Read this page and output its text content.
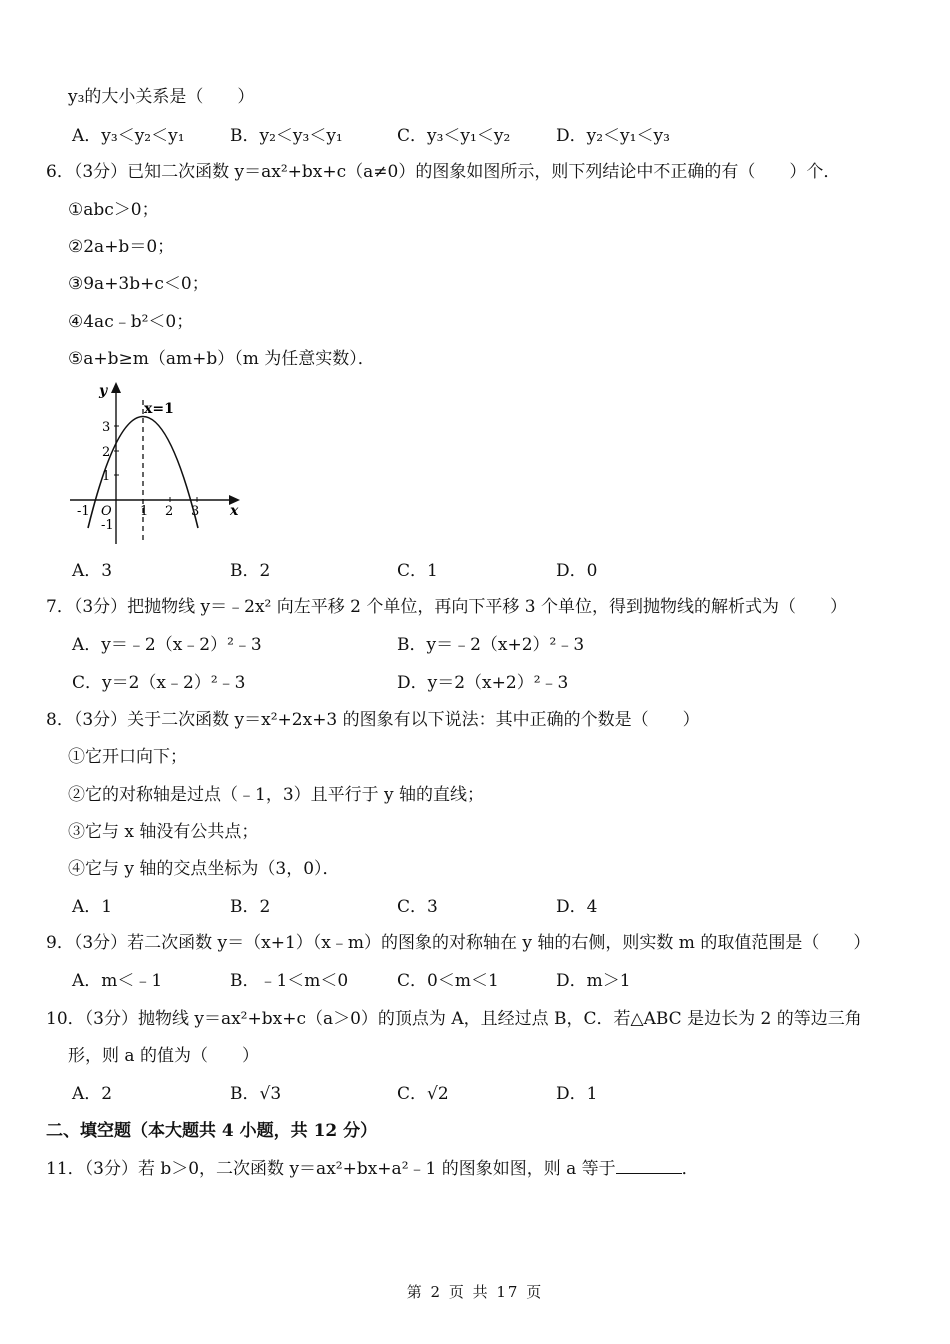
y₃的大小关系是（　　）
A．y₃＜y₂＜y₁	B．y₂＜y₃＜y₁	C．y₃＜y₁＜y₂	D．y₂＜y₁＜y₃
6．（3分）已知二次函数 y＝ax²+bx+c（a≠0）的图象如图所示，则下列结论中不正确的有（　　）个．
①abc＞0；
②2a+b＝0；
③9a+3b+c＜0；
④4ac﹣b²＜0；
⑤a+b≥m（am+b）（m 为任意实数）．
y
x
x=1
3
2
1
-1
-1 O 1 2 3
A．3	B．2	C．1	D．0
7．（3分）把抛物线 y＝﹣2x² 向左平移 2 个单位，再向下平移 3 个单位，得到抛物线的解析式为（　　）
A．y＝﹣2（x﹣2）²﹣3	B．y＝﹣2（x+2）²﹣3
C．y＝2（x﹣2）²﹣3	D．y＝2（x+2）²﹣3
8．（3分）关于二次函数 y＝x²+2x+3 的图象有以下说法：其中正确的个数是（　　）
①它开口向下；
②它的对称轴是过点（﹣1，3）且平行于 y 轴的直线；
③它与 x 轴没有公共点；
④它与 y 轴的交点坐标为（3，0）．
A．1	B．2	C．3	D．4
9．（3分）若二次函数 y＝（x+1）（x﹣m）的图象的对称轴在 y 轴的右侧，则实数 m 的取值范围是（　　）
A．m＜﹣1	B．﹣1＜m＜0	C．0＜m＜1	D．m＞1
10．（3分）抛物线 y＝ax²+bx+c（a＞0）的顶点为 A，且经过点 B，C．若△ABC 是边长为 2 的等边三角
形，则 a 的值为（　　）
A．2	B．√3	C．√2	D．1
二、填空题（本大题共 4 小题，共 12 分）
11．（3分）若 b＞0，二次函数 y＝ax²+bx+a²﹣1 的图象如图，则 a 等于	．
第 2 页 共 17 页
